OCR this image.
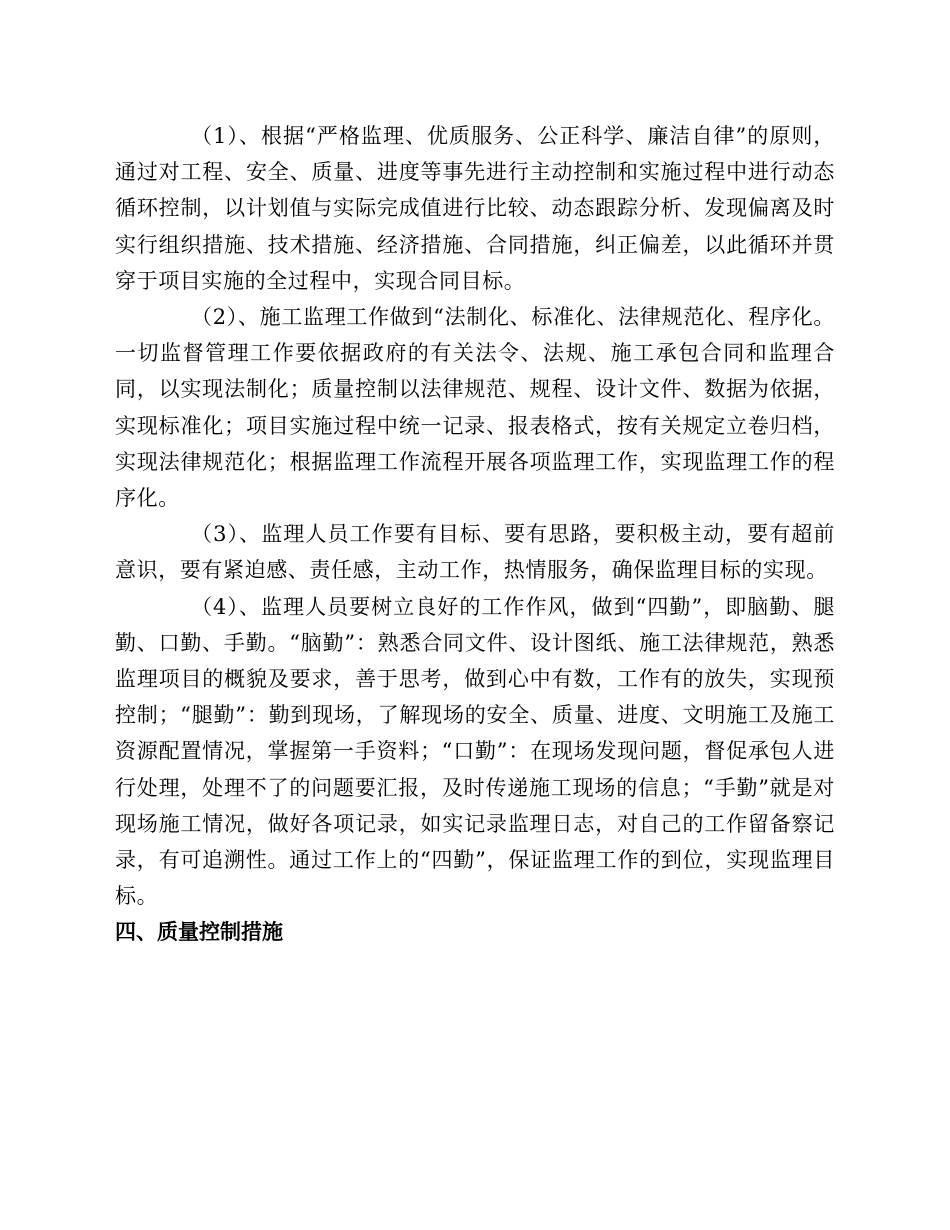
（1）、根据“严格监理、优质服务、公正科学、廉洁自律”的原则，通过对工程、安全、质量、进度等事先进行主动控制和实施过程中进行动态循环控制，以计划值与实际完成值进行比较、动态跟踪分析、发现偏离及时实行组织措施、技术措施、经济措施、合同措施，纠正偏差，以此循环并贯穿于项目实施的全过程中，实现合同目标。

（2）、施工监理工作做到“法制化、标准化、法律规范化、程序化。一切监督管理工作要依据政府的有关法令、法规、施工承包合同和监理合同，以实现法制化；质量控制以法律规范、规程、设计文件、数据为依据，实现标准化；项目实施过程中统一记录、报表格式，按有关规定立卷归档，实现法律规范化；根据监理工作流程开展各项监理工作，实现监理工作的程序化。

（3）、监理人员工作要有目标、要有思路，要积极主动，要有超前意识，要有紧迫感、责任感，主动工作，热情服务，确保监理目标的实现。

（4）、监理人员要树立良好的工作作风，做到“四勤”，即脑勤、腿勤、口勤、手勤。“脑勤”：熟悉合同文件、设计图纸、施工法律规范，熟悉监理项目的概貌及要求，善于思考，做到心中有数，工作有的放失，实现预控制；“腿勤”：勤到现场，了解现场的安全、质量、进度、文明施工及施工资源配置情况，掌握第一手资料；“口勤”：在现场发现问题，督促承包人进行处理，处理不了的问题要汇报，及时传递施工现场的信息；“手勤”就是对现场施工情况，做好各项记录，如实记录监理日志，对自己的工作留备察记录，有可追溯性。通过工作上的“四勤”，保证监理工作的到位，实现监理目标。

四、质量控制措施
